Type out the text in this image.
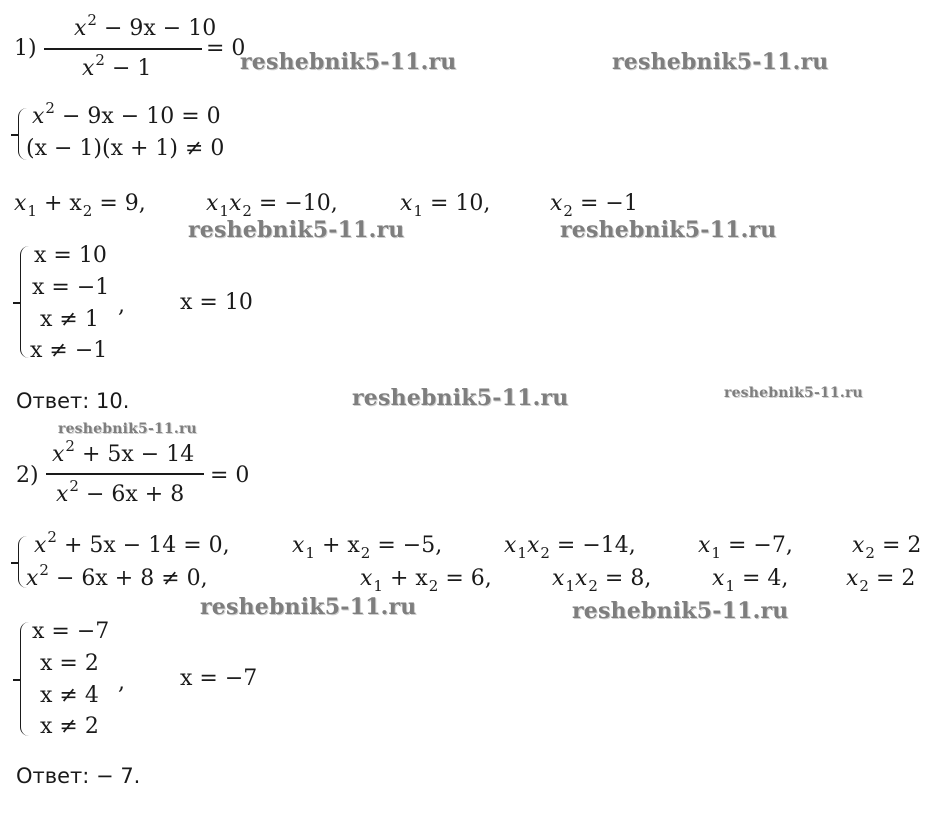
1)
$x^2 - 9x - 10$
$x^2 - 1$
= 0
$x^2 - 9x - 10 = 0$
(x − 1)(x + 1) ≠ 0
$x_1 + x_2 = 9$,	$x_1x_2 = -10$,	$x_1 = 10$,	$x_2 = -1$
x = 10
x = −1
x ≠ 1
x ≠ −1
,	x = 10
Ответ: 10.
2)
$x^2 + 5x - 14$
$x^2 - 6x + 8$
= 0
$x^2 + 5x - 14 = 0$,	$x_1 + x_2 = -5$,	$x_1x_2 = -14$,	$x_1 = -7$,	$x_2 = 2$
$x^2 - 6x + 8 \ne 0$,	$x_1 + x_2 = 6$,	$x_1x_2 = 8$,	$x_1 = 4$,	$x_2 = 2$
x = −7
x = 2
x ≠ 4
x ≠ 2
,	x = −7
Ответ: − 7.
reshebnik5-11.ru	reshebnik5-11.ru
reshebnik5-11.ru	reshebnik5-11.ru
reshebnik5-11.ru	reshebnik5-11.ru
reshebnik5-11.ru
reshebnik5-11.ru	reshebnik5-11.ru
